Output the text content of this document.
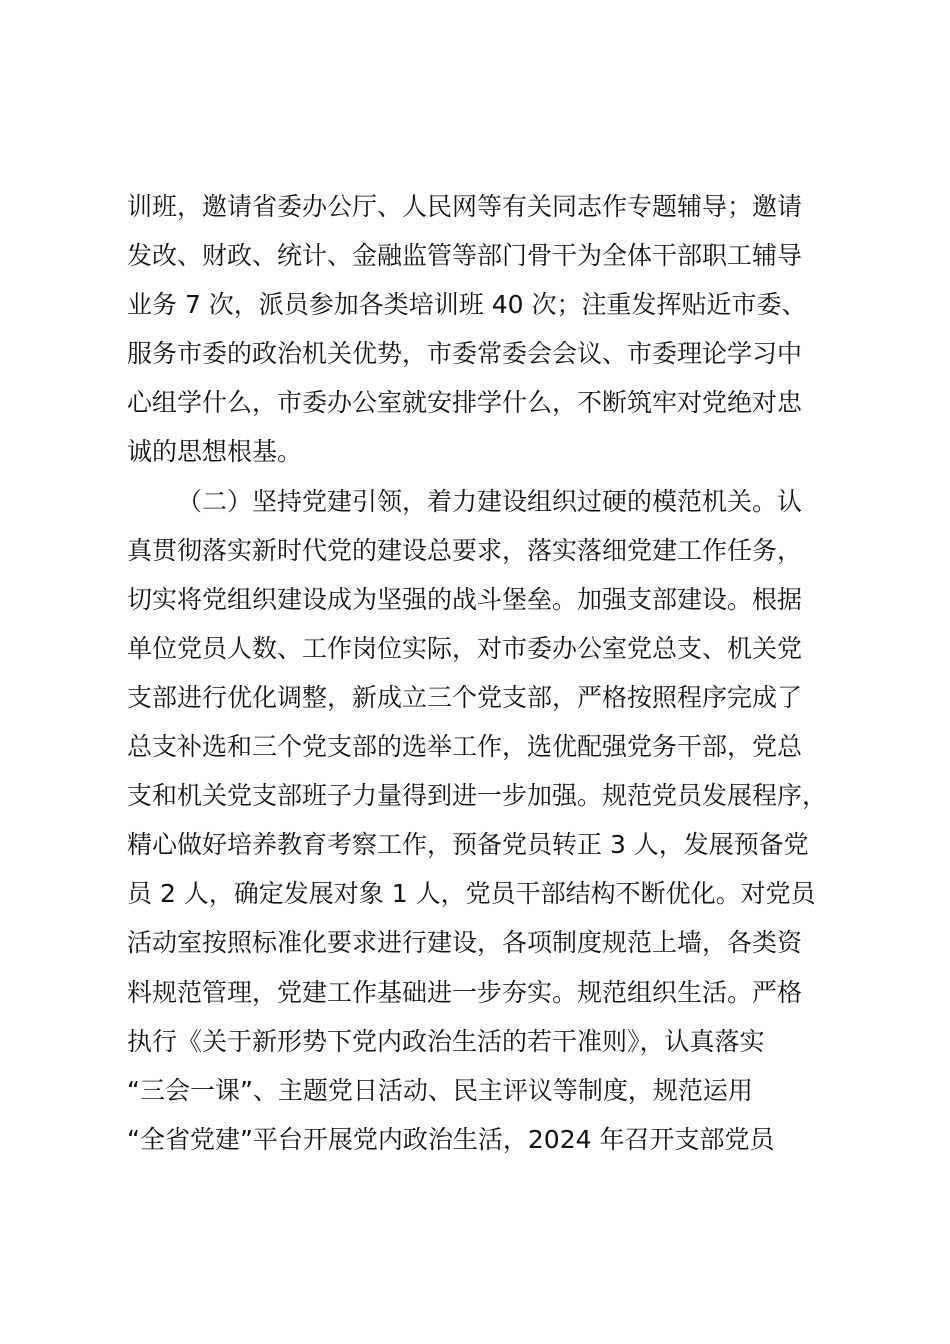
训班，邀请省委办公厅、人民网等有关同志作专题辅导；邀请

发改、财政、统计、金融监管等部门骨干为全体干部职工辅导

业务 7 次，派员参加各类培训班 40 次；注重发挥贴近市委、

服务市委的政治机关优势，市委常委会会议、市委理论学习中

心组学什么，市委办公室就安排学什么，不断筑牢对党绝对忠

诚的思想根基。

（二）坚持党建引领，着力建设组织过硬的模范机关。认

真贯彻落实新时代党的建设总要求，落实落细党建工作任务，

切实将党组织建设成为坚强的战斗堡垒。加强支部建设。根据

单位党员人数、工作岗位实际，对市委办公室党总支、机关党

支部进行优化调整，新成立三个党支部，严格按照程序完成了

总支补选和三个党支部的选举工作，选优配强党务干部，党总

支和机关党支部班子力量得到进一步加强。规范党员发展程序，

精心做好培养教育考察工作，预备党员转正 3 人，发展预备党

员 2 人，确定发展对象 1 人，党员干部结构不断优化。对党员

活动室按照标准化要求进行建设，各项制度规范上墙，各类资

料规范管理，党建工作基础进一步夯实。规范组织生活。严格

执行《关于新形势下党内政治生活的若干准则》，认真落实

“三会一课”、主题党日活动、民主评议等制度，规范运用

“全省党建”平台开展党内政治生活，2024 年召开支部党员
